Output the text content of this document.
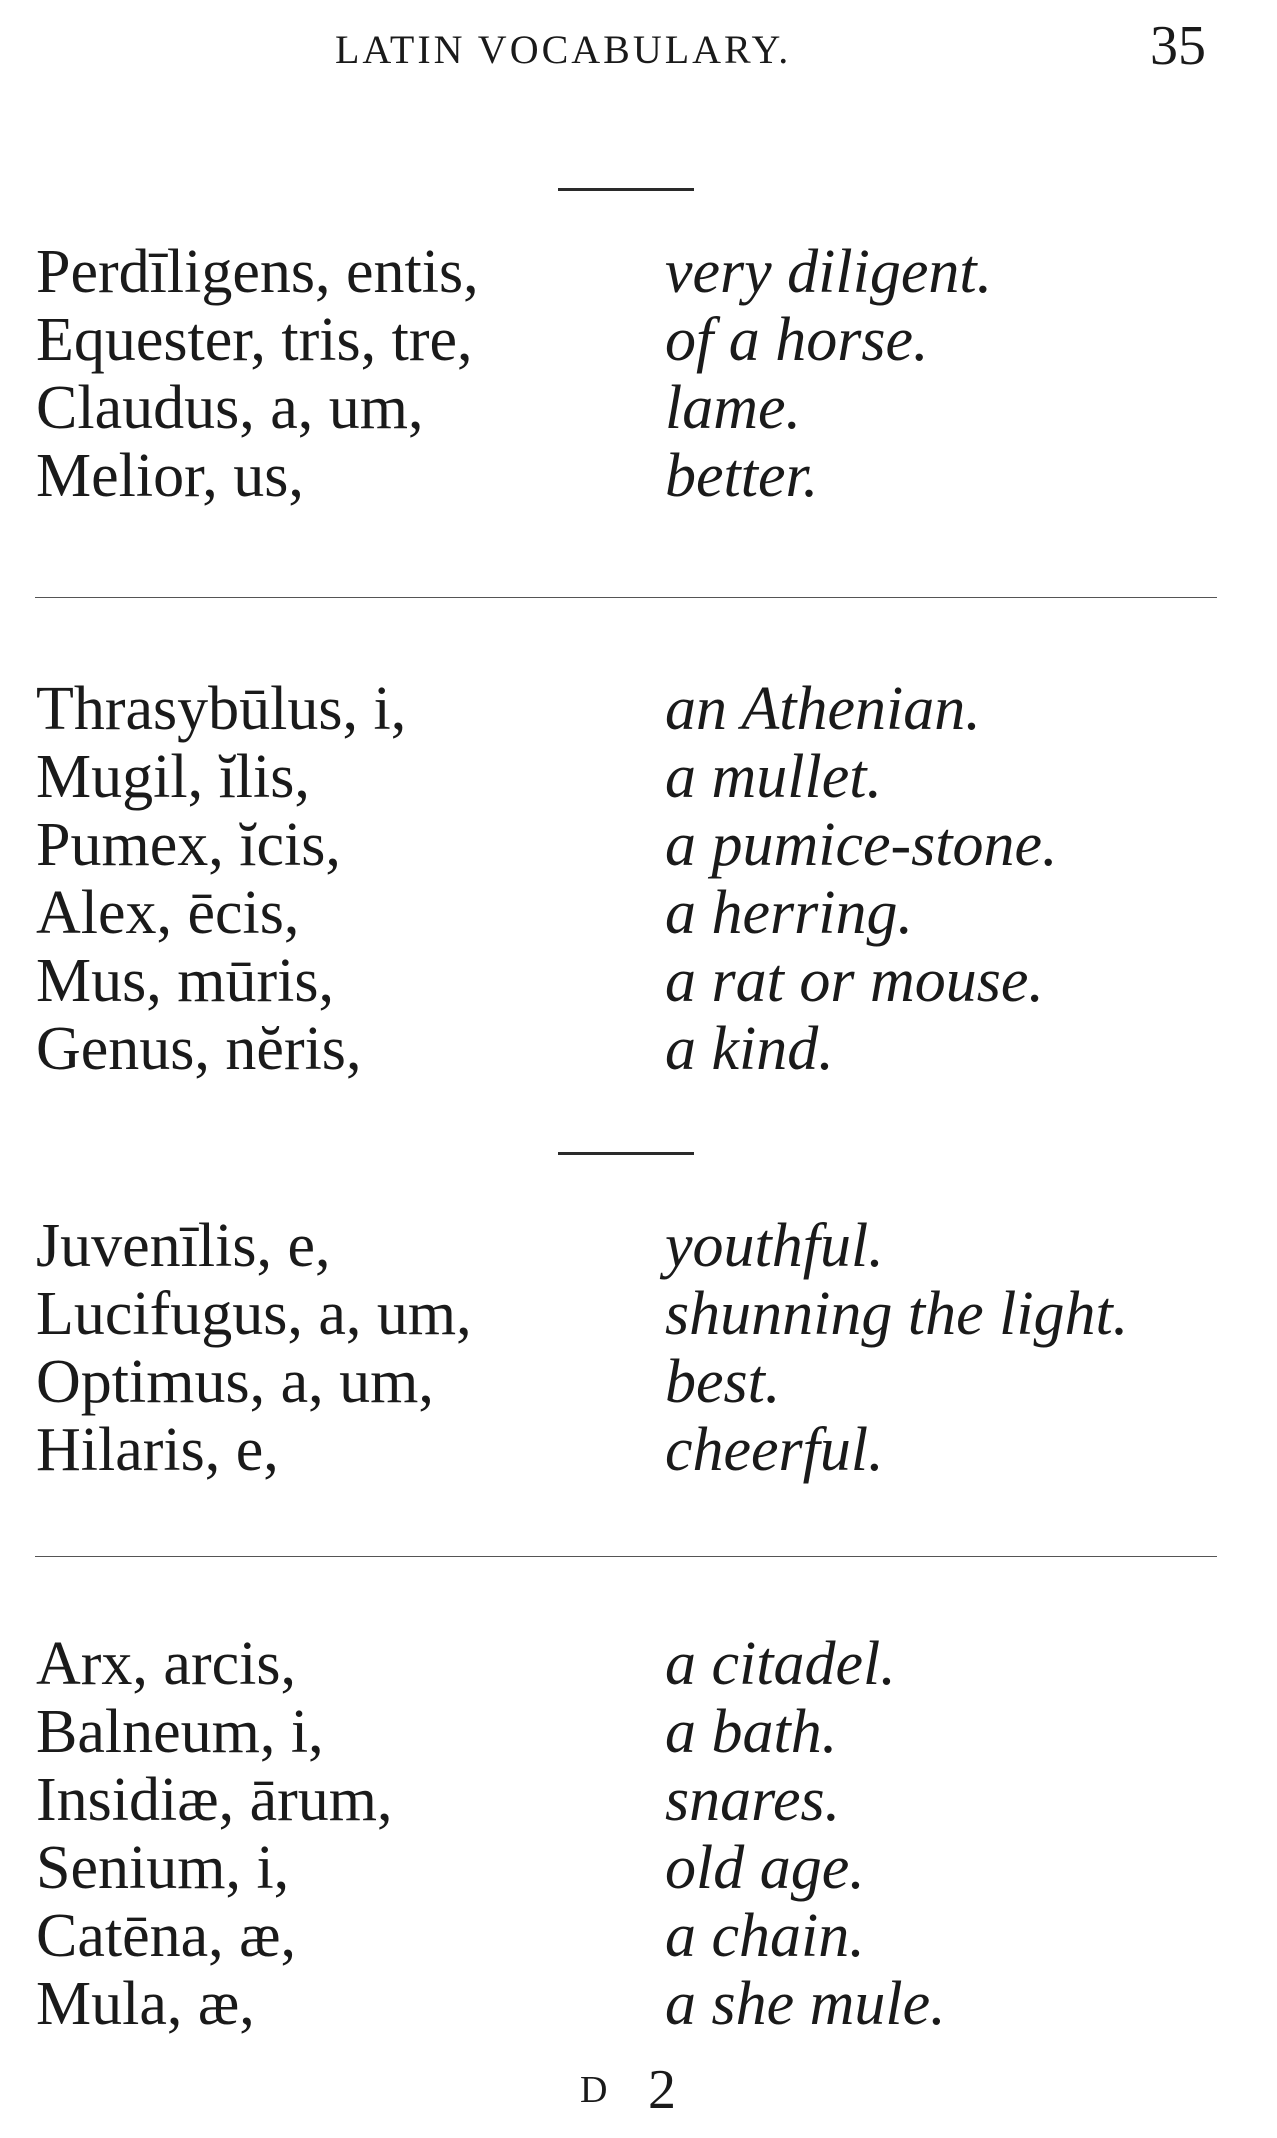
LATIN VOCABULARY.	35
Perdīligens, entis,	very diligent.
Equester, tris, tre,	of a horse.
Claudus, a, um,	lame.
Melior, us,	better.
Thrasybūlus, i,	an Athenian.
Mugil, ĭlis,	a mullet.
Pumex, ĭcis,	a pumice-stone.
Alex, ēcis,	a herring.
Mus, mūris,	a rat or mouse.
Genus, nĕris,	a kind.
Juvenīlis, e,	youthful.
Lucifugus, a, um,	shunning the light.
Optimus, a, um,	best.
Hilaris, e,	cheerful.
Arx, arcis,	a citadel.
Balneum, i,	a bath.
Insidiæ, ārum,	snares.
Senium, i,	old age.
Catēna, æ,	a chain.
Mula, æ,	a she mule.
D 2
